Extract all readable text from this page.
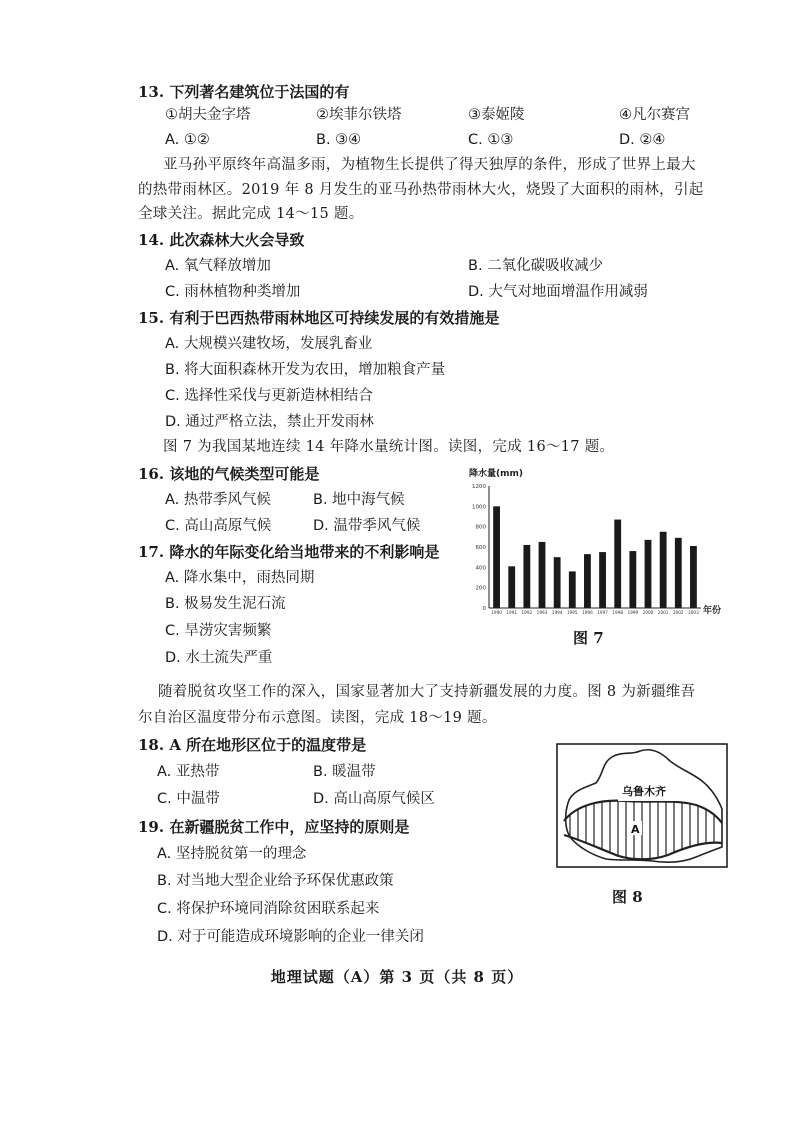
13. 下列著名建筑位于法国的有
①胡夫金字塔	②埃菲尔铁塔	③泰姬陵	④凡尔赛宫
A. ①②	B. ③④	C. ①③	D. ②④
亚马孙平原终年高温多雨，为植物生长提供了得天独厚的条件，形成了世界上最大
的热带雨林区。2019 年 8 月发生的亚马孙热带雨林大火，烧毁了大面积的雨林，引起
全球关注。据此完成 14～15 题。
14. 此次森林大火会导致
A. 氧气释放增加	B. 二氧化碳吸收减少
C. 雨林植物种类增加	D. 大气对地面增温作用减弱
15. 有利于巴西热带雨林地区可持续发展的有效措施是
A. 大规模兴建牧场，发展乳畜业
B. 将大面积森林开发为农田，增加粮食产量
C. 选择性采伐与更新造林相结合
D. 通过严格立法，禁止开发雨林
图 7 为我国某地连续 14 年降水量统计图。读图，完成 16～17 题。
16. 该地的气候类型可能是
A. 热带季风气候	B. 地中海气候
C. 高山高原气候	D. 温带季风气候
17. 降水的年际变化给当地带来的不利影响是
A. 降水集中，雨热同期
B. 极易发生泥石流
C. 旱涝灾害频繁
D. 水土流失严重
降水量(mm)
1200
1000
800
600
400
200
0
1990 1991 1992 1993 1994 1995 1996 1997 1998 1999 2000 2001 2002 2003 年份
图 7
随着脱贫攻坚工作的深入，国家显著加大了支持新疆发展的力度。图 8 为新疆维吾
尔自治区温度带分布示意图。读图，完成 18～19 题。
18. A 所在地形区位于的温度带是
A. 亚热带	B. 暖温带
C. 中温带	D. 高山高原气候区
19. 在新疆脱贫工作中，应坚持的原则是
A. 坚持脱贫第一的理念
B. 对当地大型企业给予环保优惠政策
C. 将保护环境同消除贫困联系起来
D. 对于可能造成环境影响的企业一律关闭
乌鲁木齐
A
图 8
地理试题（A）第 3 页（共 8 页）
